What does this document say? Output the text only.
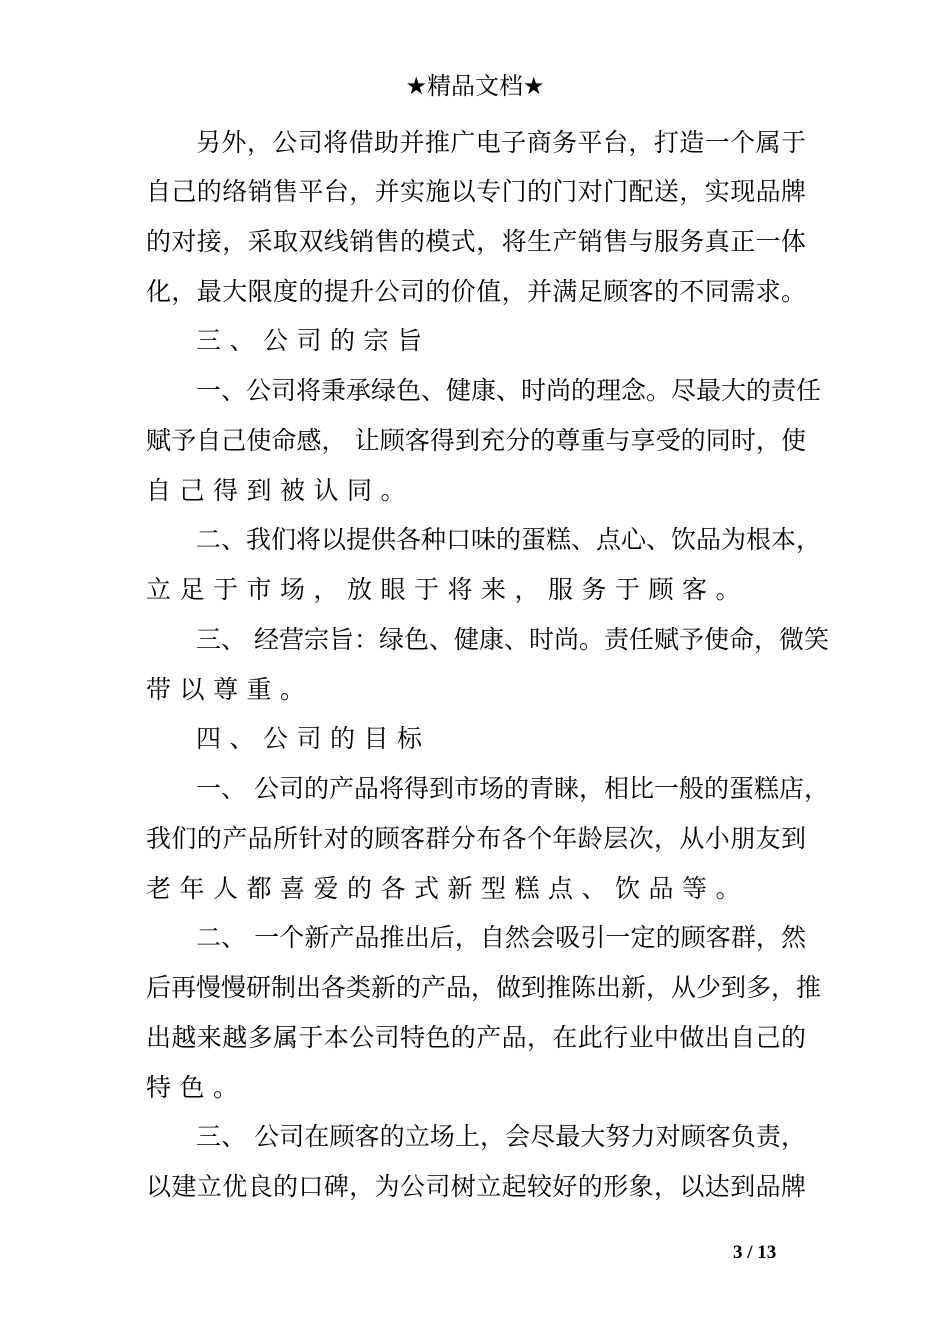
★精品文档★
另外，公司将借助并推广电子商务平台，打造一个属于
自己的络销售平台，并实施以专门的门对门配送，实现品牌
的对接，采取双线销售的模式，将生产销售与服务真正一体
化，最大限度的提升公司的价值，并满足顾客的不同需求。
三、公司的宗旨
一、公司将秉承绿色、健康、时尚的理念。尽最大的责任
赋予自己使命感， 让顾客得到充分的尊重与享受的同时，使
自己得到被认同。
二、我们将以提供各种口味的蛋糕、点心、饮品为根本，
立足于市场，放眼于将来，服务于顾客。
三、 经营宗旨：绿色、健康、时尚。责任赋予使命，微笑
带以尊重。
四、公司的目标
一、 公司的产品将得到市场的青睐，相比一般的蛋糕店，
我们的产品所针对的顾客群分布各个年龄层次，从小朋友到
老年人都喜爱的各式新型糕点、饮品等。
二、 一个新产品推出后，自然会吸引一定的顾客群，然
后再慢慢研制出各类新的产品，做到推陈出新，从少到多，推
出越来越多属于本公司特色的产品，在此行业中做出自己的
特色。
三、 公司在顾客的立场上，会尽最大努力对顾客负责，
以建立优良的口碑，为公司树立起较好的形象，以达到品牌
3 / 13
